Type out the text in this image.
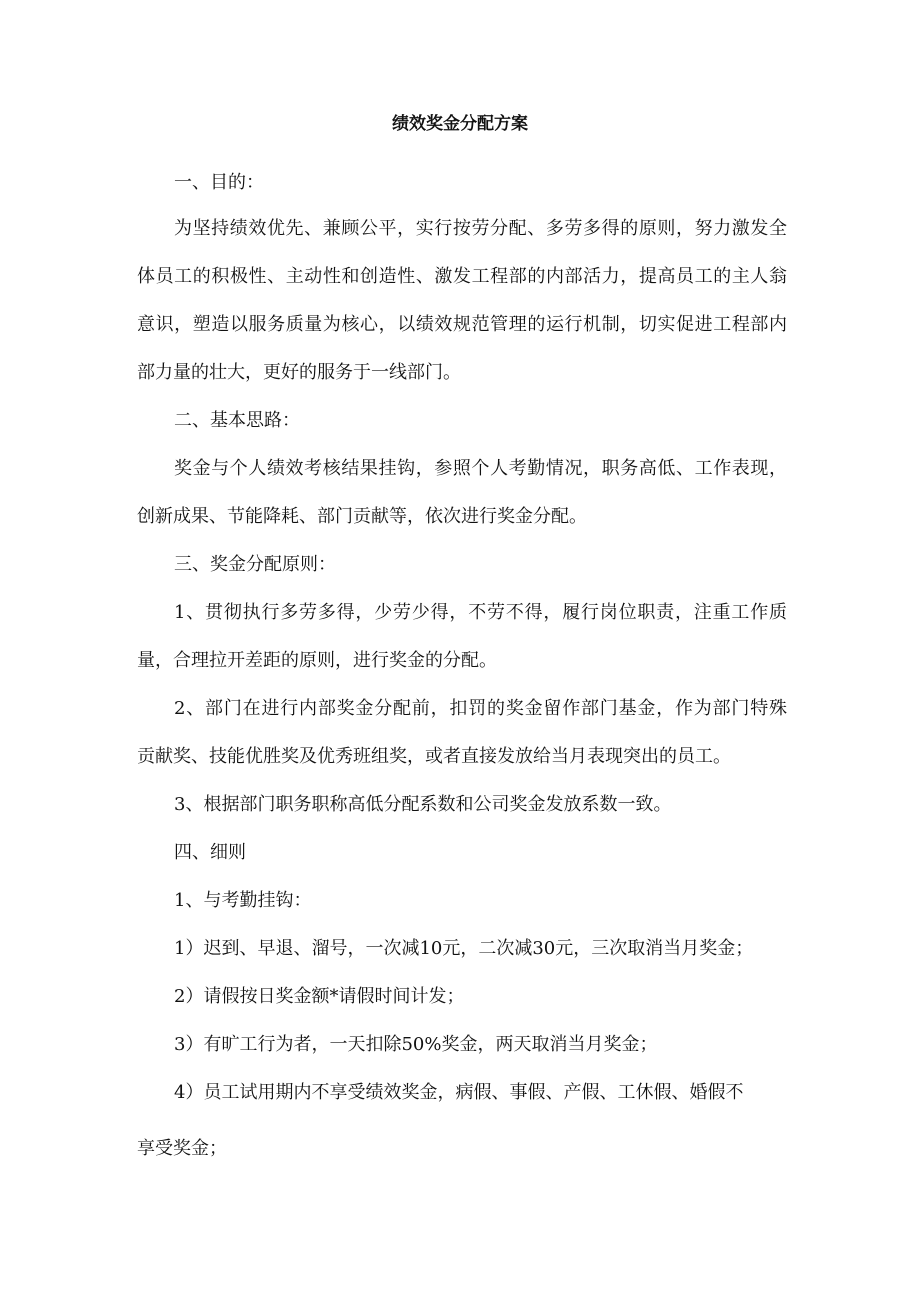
绩效奖金分配方案
一、目的：
为坚持绩效优先、兼顾公平，实行按劳分配、多劳多得的原则，努力激发全
体员工的积极性、主动性和创造性、激发工程部的内部活力，提高员工的主人翁
意识，塑造以服务质量为核心，以绩效规范管理的运行机制，切实促进工程部内
部力量的壮大，更好的服务于一线部门。
二、基本思路：
奖金与个人绩效考核结果挂钩，参照个人考勤情况，职务高低、工作表现，
创新成果、节能降耗、部门贡献等，依次进行奖金分配。
三、奖金分配原则：
1、贯彻执行多劳多得，少劳少得，不劳不得，履行岗位职责，注重工作质
量，合理拉开差距的原则，进行奖金的分配。
2、部门在进行内部奖金分配前，扣罚的奖金留作部门基金，作为部门特殊
贡献奖、技能优胜奖及优秀班组奖，或者直接发放给当月表现突出的员工。
3、根据部门职务职称高低分配系数和公司奖金发放系数一致。
四、细则
1、与考勤挂钩：
1）迟到、早退、溜号，一次减10元，二次减30元，三次取消当月奖金；
2）请假按日奖金额*请假时间计发；
3）有旷工行为者，一天扣除50%奖金，两天取消当月奖金；
4）员工试用期内不享受绩效奖金，病假、事假、产假、工休假、婚假不
享受奖金；
